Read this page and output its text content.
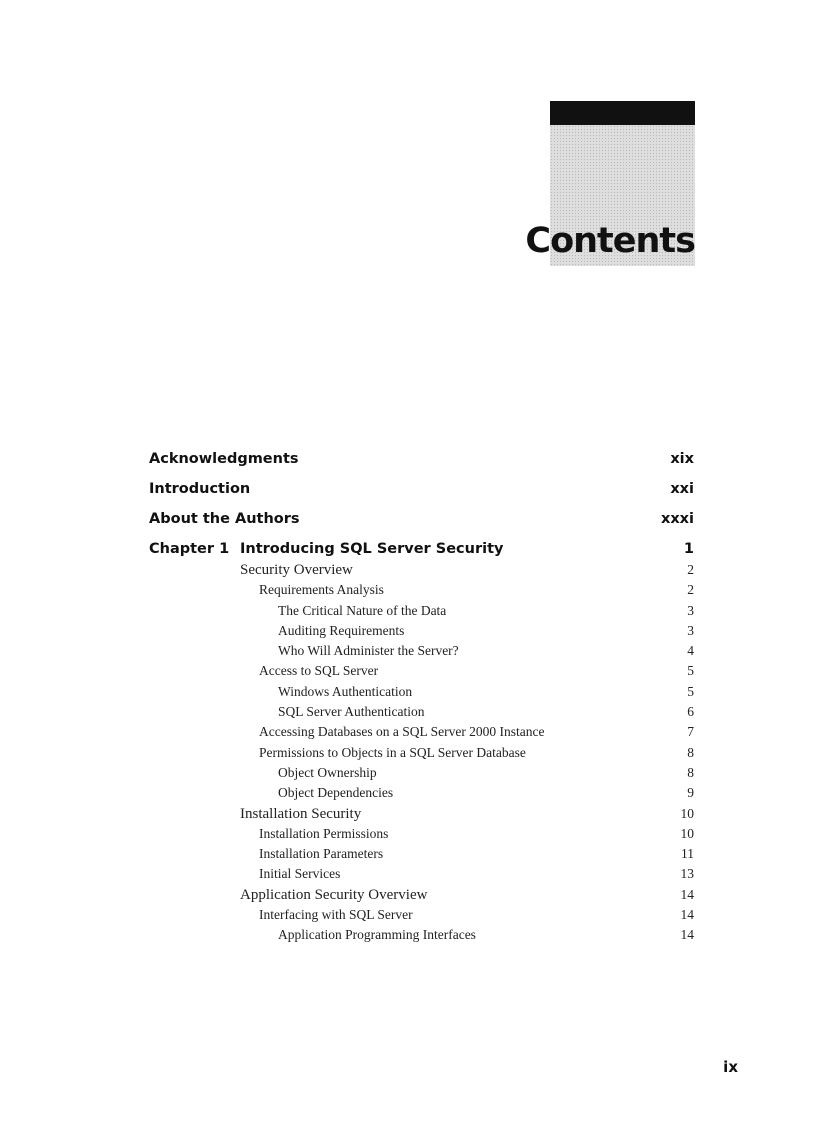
Contents
Acknowledgments	xix
Introduction	xxi
About the Authors	xxxi
Chapter 1 Introducing SQL Server Security	1
Security Overview	2
Requirements Analysis	2
The Critical Nature of the Data	3
Auditing Requirements	3
Who Will Administer the Server?	4
Access to SQL Server	5
Windows Authentication	5
SQL Server Authentication	6
Accessing Databases on a SQL Server 2000 Instance	7
Permissions to Objects in a SQL Server Database	8
Object Ownership	8
Object Dependencies	9
Installation Security	10
Installation Permissions	10
Installation Parameters	11
Initial Services	13
Application Security Overview	14
Interfacing with SQL Server	14
Application Programming Interfaces	14
ix
